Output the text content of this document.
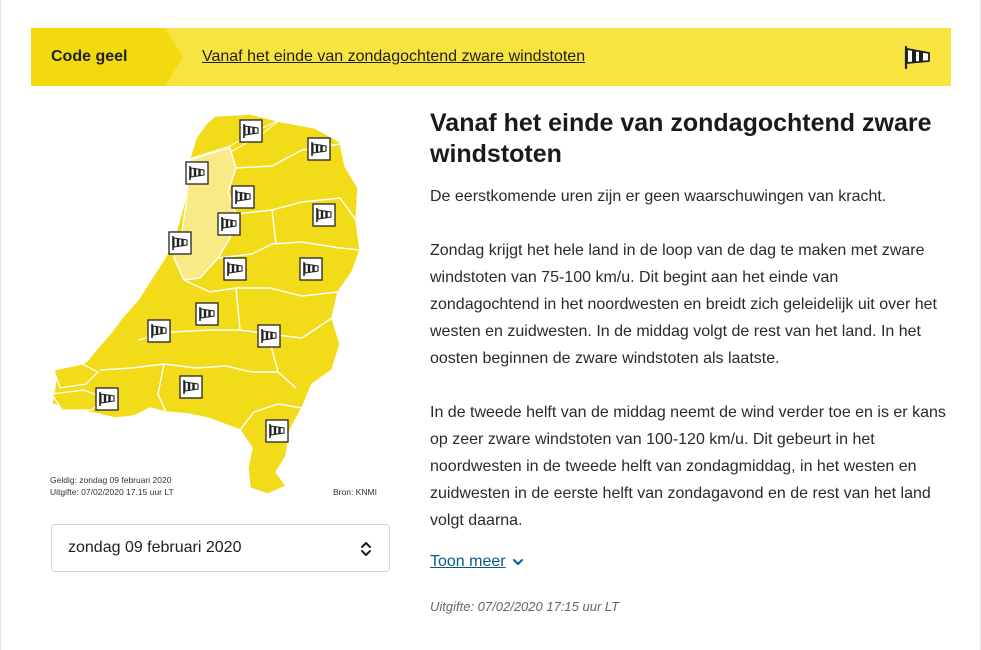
Code geel	Vanaf het einde van zondagochtend zware windstoten
Geldig: zondag 09 februari 2020
Uitgifte: 07/02/2020 17.15 uur LT	Bron: KNMI
zondag 09 februari 2020
Vanaf het einde van zondagochtend zware windstoten

De eerstkomende uren zijn er geen waarschuwingen van kracht.

Zondag krijgt het hele land in de loop van de dag te maken met zware windstoten van 75-100 km/u. Dit begint aan het einde van zondagochtend in het noordwesten en breidt zich geleidelijk uit over het westen en zuidwesten. In de middag volgt de rest van het land. In het oosten beginnen de zware windstoten als laatste.

In de tweede helft van de middag neemt de wind verder toe en is er kans op zeer zware windstoten van 100-120 km/u. Dit gebeurt in het noordwesten in de tweede helft van zondagmiddag, in het westen en zuidwesten in de eerste helft van zondagavond en de rest van het land volgt daarna.

Toon meer
Uitgifte: 07/02/2020 17:15 uur LT
